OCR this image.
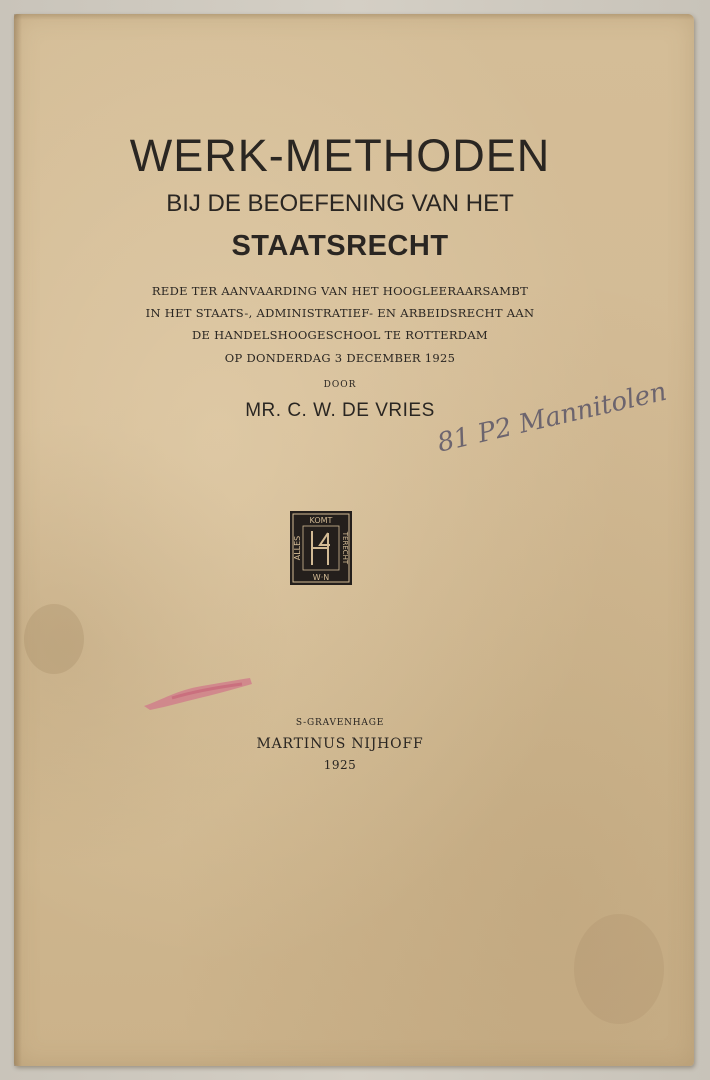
WERK-METHODEN
BIJ DE BEOEFENING VAN HET
STAATSRECHT
REDE TER AANVAARDING VAN HET HOOGLEERAARSAMBT
IN HET STAATS-, ADMINISTRATIEF- EN ARBEIDSRECHT AAN
DE HANDELSHOOGESCHOOL TE ROTTERDAM
OP DONDERDAG 3 DECEMBER 1925
DOOR
MR. C. W. DE VRIES 81 P2 Mannitolen
KOMT
W·N
ALLES	TERECHT
S-GRAVENHAGE
MARTINUS NIJHOFF
1925
